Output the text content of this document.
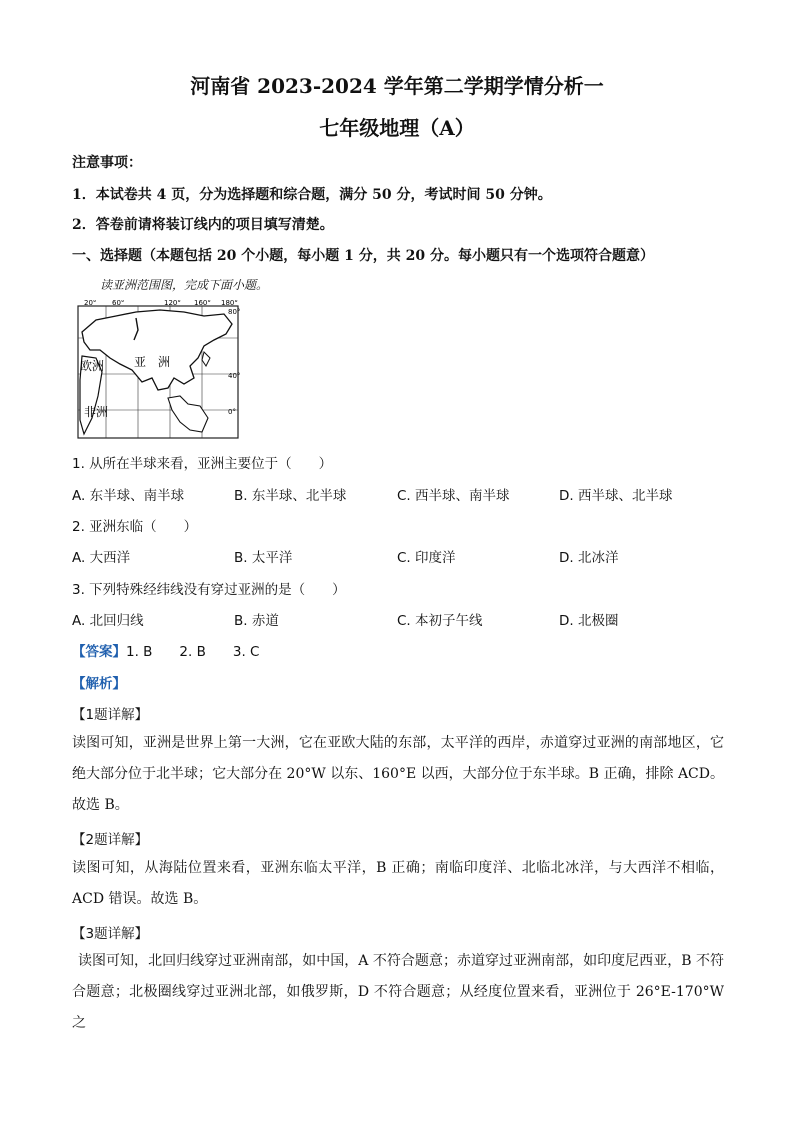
河南省 2023-2024 学年第二学期学情分析一
七年级地理（A）
注意事项：
1．本试卷共 4 页，分为选择题和综合题，满分 50 分，考试时间 50 分钟。
2．答卷前请将装订线内的项目填写清楚。
一、选择题（本题包括 20 个小题，每小题 1 分，共 20 分。每小题只有一个选项符合题意）
读亚洲范围图，完成下面小题。
亚　洲
欧洲
非洲
20° 60°	120° 160° 180°
80°
40°
0°
1. 从所在半球来看，亚洲主要位于（　　）
A. 东半球、南半球	B. 东半球、北半球	C. 西半球、南半球	D. 西半球、北半球
2. 亚洲东临（　　）
A. 大西洋	B. 太平洋	C. 印度洋	D. 北冰洋
3. 下列特殊经纬线没有穿过亚洲的是（　　）
A. 北回归线	B. 赤道	C. 本初子午线	D. 北极圈
【答案】1. B　　2. B　　3. C
【解析】
【1题详解】
读图可知，亚洲是世界上第一大洲，它在亚欧大陆的东部，太平洋的西岸，赤道穿过亚洲的南部地区，它绝大部分位于北半球；它大部分在 20°W 以东、160°E 以西，大部分位于东半球。B 正确，排除 ACD。故选 B。
【2题详解】
读图可知，从海陆位置来看，亚洲东临太平洋，B 正确；南临印度洋、北临北冰洋，与大西洋不相临，ACD 错误。故选 B。
【3题详解】
读图可知，北回归线穿过亚洲南部，如中国，A 不符合题意；赤道穿过亚洲南部，如印度尼西亚，B 不符合题意；北极圈线穿过亚洲北部，如俄罗斯，D 不符合题意；从经度位置来看，亚洲位于 26°E-170°W 之
